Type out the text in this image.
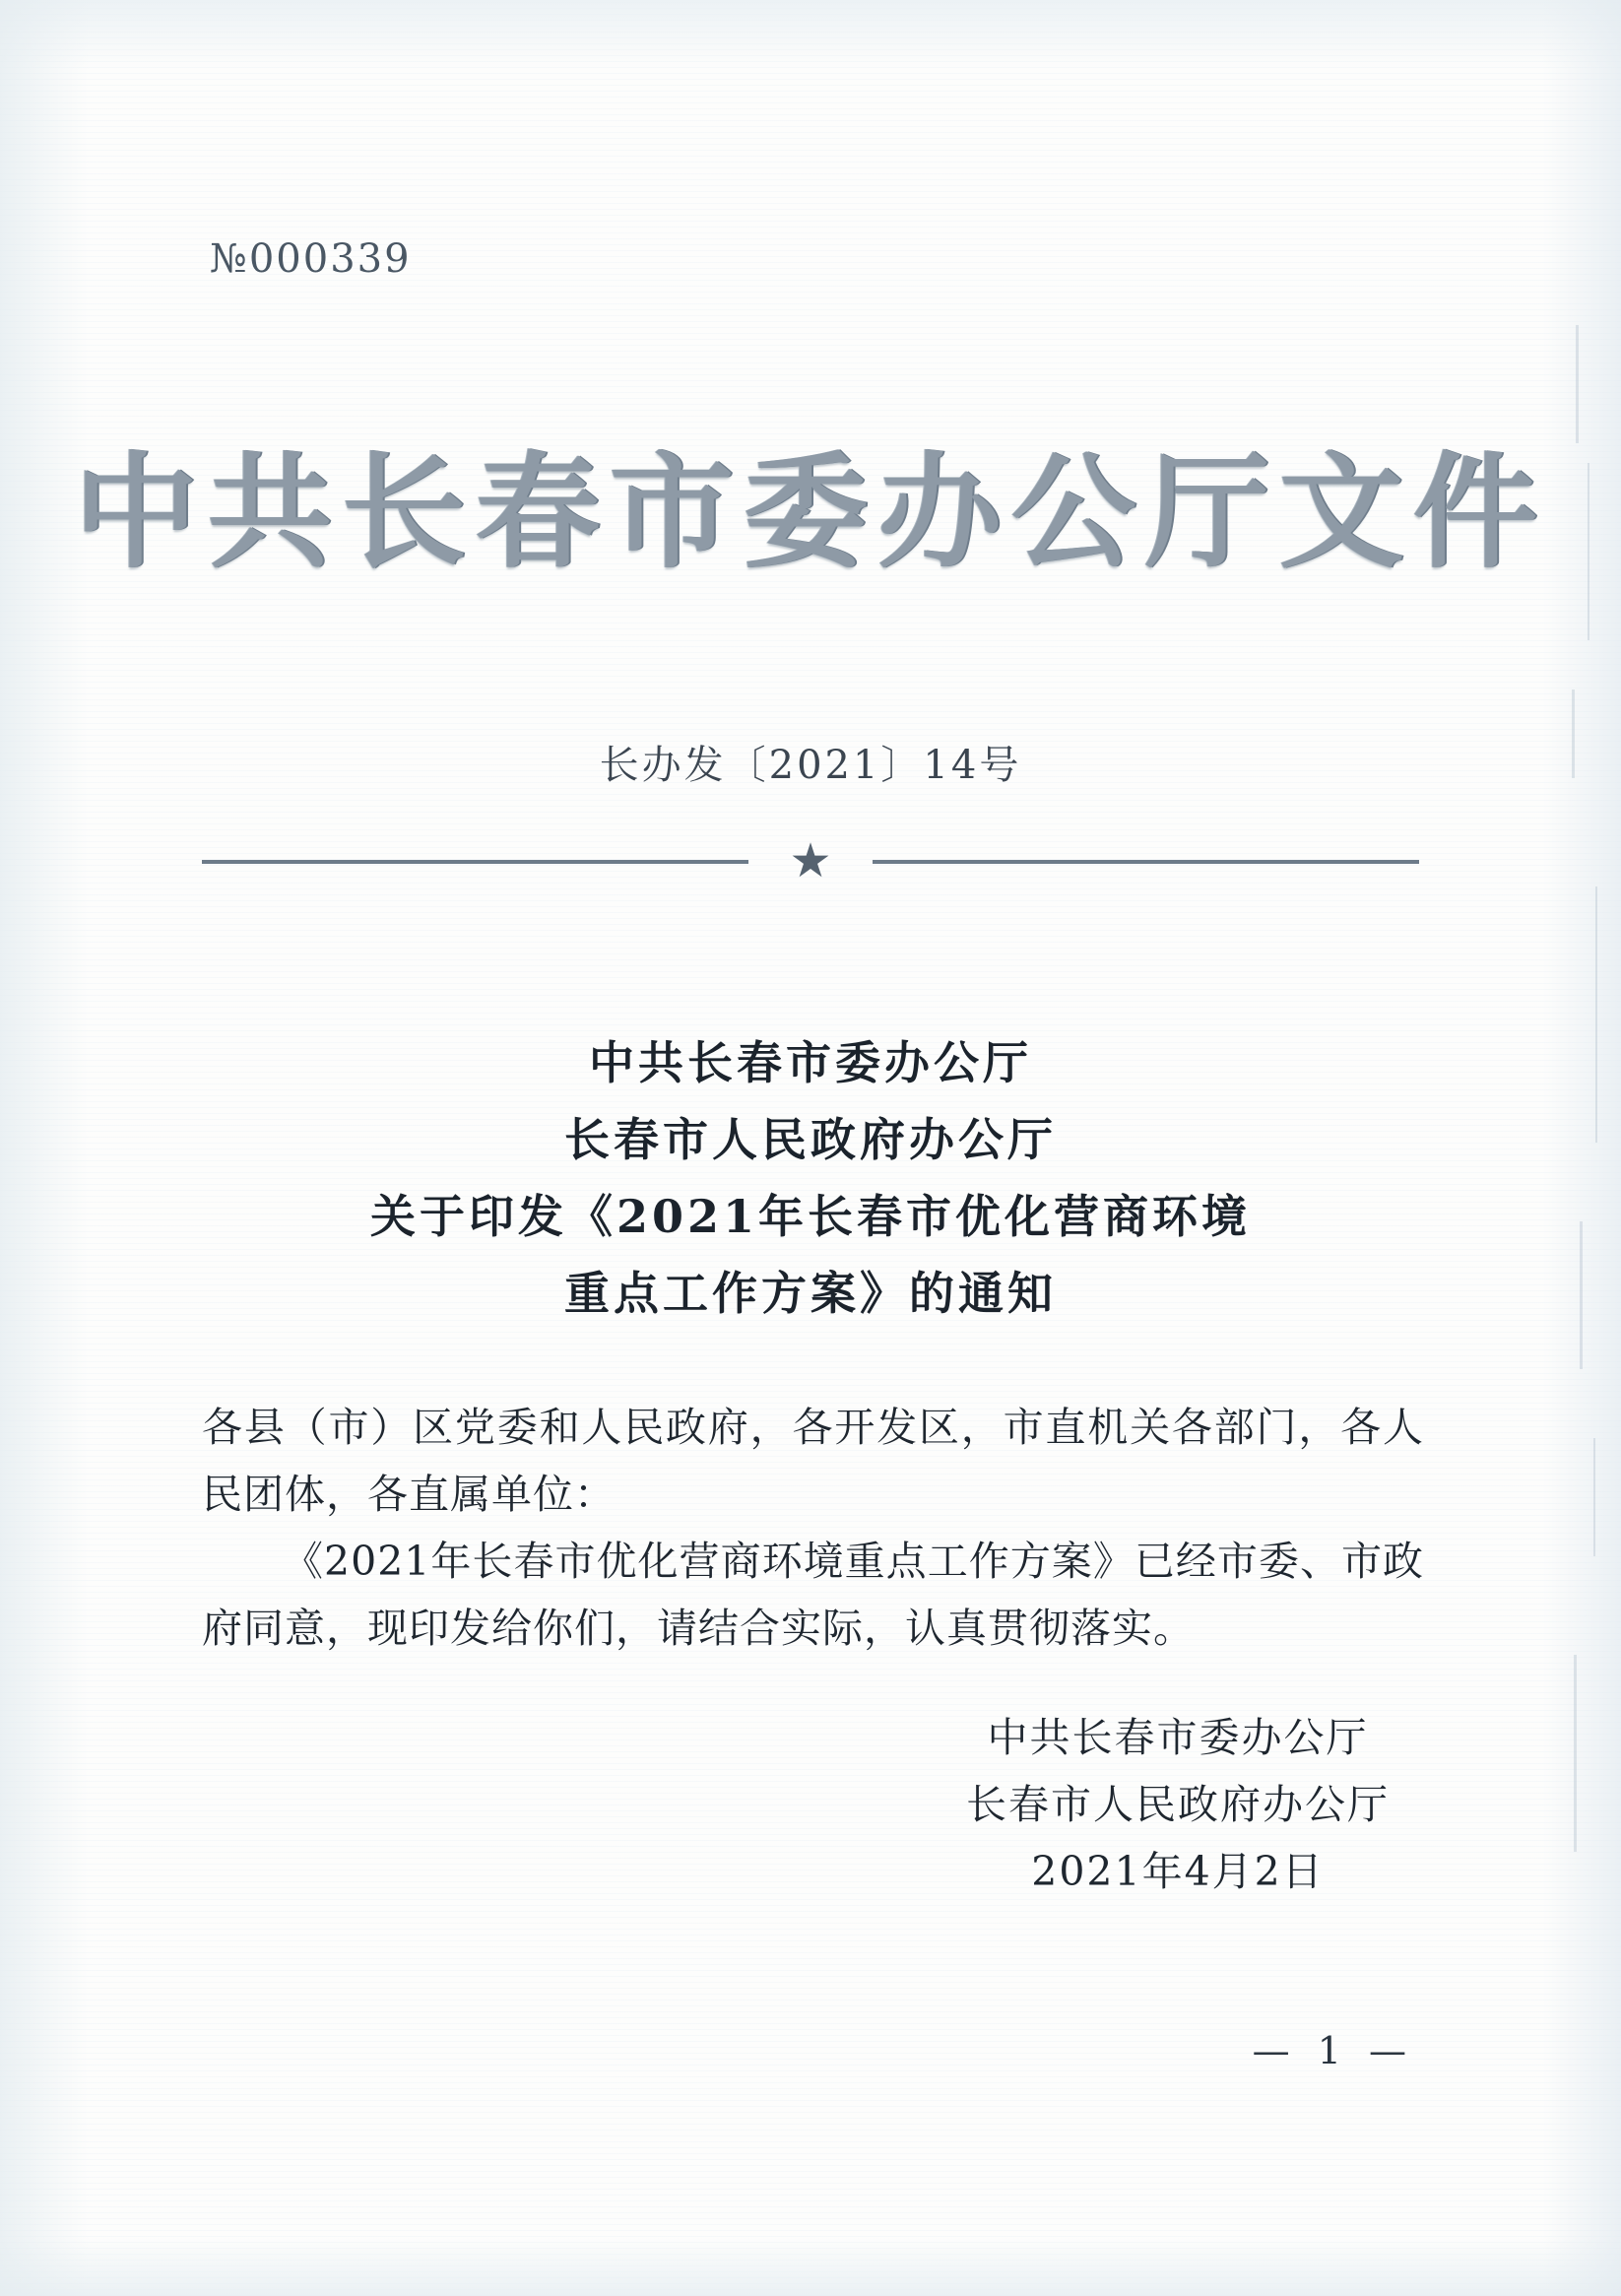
№000339
中共长春市委办公厅文件
长办发〔2021〕14号
★
中共长春市委办公厅
长春市人民政府办公厅
关于印发《2021年长春市优化营商环境
重点工作方案》的通知

各县（市）区党委和人民政府，各开发区，市直机关各部门，各人民团体，各直属单位：

《2021年长春市优化营商环境重点工作方案》已经市委、市政府同意，现印发给你们，请结合实际，认真贯彻落实。

中共长春市委办公厅
长春市人民政府办公厅
2021年4月2日
— 1 —
